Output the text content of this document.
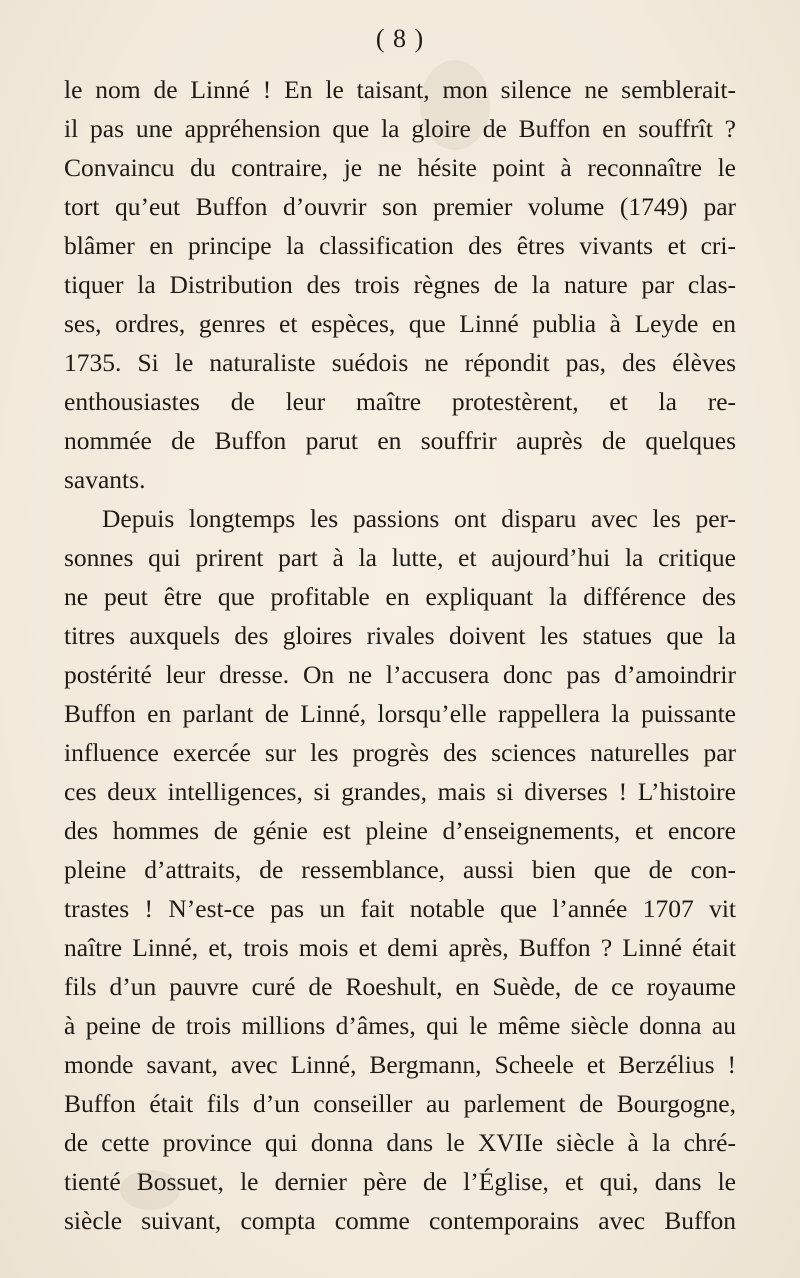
( 8 )
le nom de Linné ! En le taisant, mon silence ne semblerait-
il pas une appréhension que la gloire de Buffon en souffrît ?
Convaincu du contraire, je ne hésite point à reconnaître le
tort qu’eut Buffon d’ouvrir son premier volume (1749) par
blâmer en principe la classification des êtres vivants et cri-
tiquer la Distribution des trois règnes de la nature par clas-
ses, ordres, genres et espèces, que Linné publia à Leyde en
1735. Si le naturaliste suédois ne répondit pas, des élèves
enthousiastes de leur maître protestèrent, et la re-
nommée de Buffon parut en souffrir auprès de quelques
savants.
Depuis longtemps les passions ont disparu avec les per-
sonnes qui prirent part à la lutte, et aujourd’hui la critique
ne peut être que profitable en expliquant la différence des
titres auxquels des gloires rivales doivent les statues que la
postérité leur dresse. On ne l’accusera donc pas d’amoindrir
Buffon en parlant de Linné, lorsqu’elle rappellera la puissante
influence exercée sur les progrès des sciences naturelles par
ces deux intelligences, si grandes, mais si diverses ! L’histoire
des hommes de génie est pleine d’enseignements, et encore
pleine d’attraits, de ressemblance, aussi bien que de con-
trastes ! N’est-ce pas un fait notable que l’année 1707 vit
naître Linné, et, trois mois et demi après, Buffon ? Linné était
fils d’un pauvre curé de Roeshult, en Suède, de ce royaume
à peine de trois millions d’âmes, qui le même siècle donna au
monde savant, avec Linné, Bergmann, Scheele et Berzélius !
Buffon était fils d’un conseiller au parlement de Bourgogne,
de cette province qui donna dans le XVIIe siècle à la chré-
tienté Bossuet, le dernier père de l’Église, et qui, dans le
siècle suivant, compta comme contemporains avec Buffon
